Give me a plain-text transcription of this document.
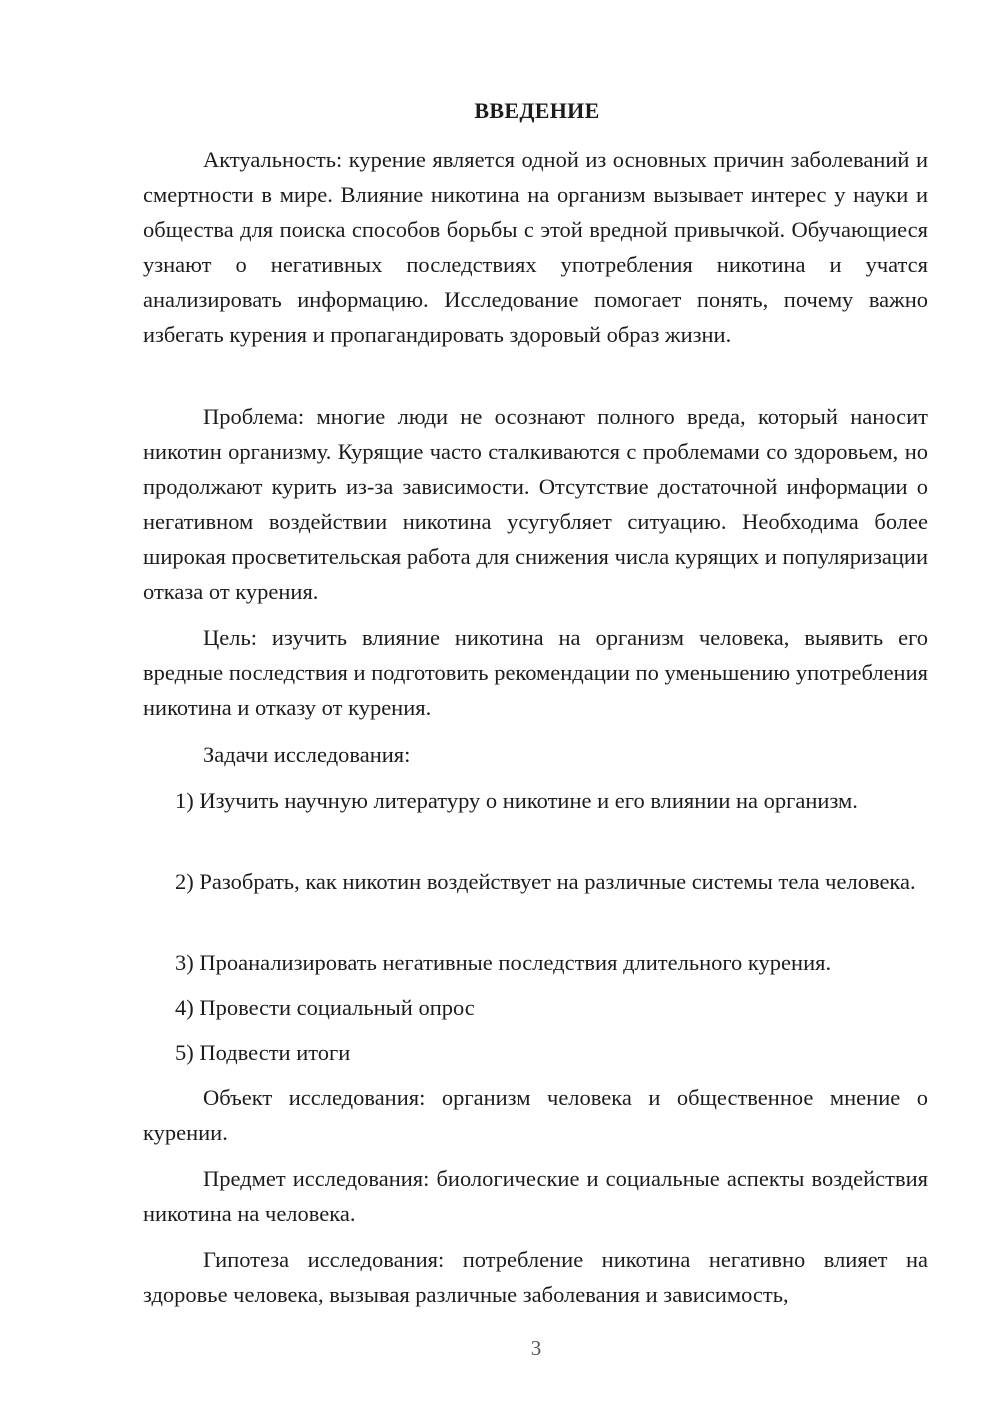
ВВЕДЕНИЕ

Актуальность: курение является одной из основных причин заболеваний и смертности в мире. Влияние никотина на организм вызывает интерес у науки и общества для поиска способов борьбы с этой вредной привычкой. Обучающиеся узнают о негативных последствиях употребления никотина и учатся анализировать информацию. Исследование помогает понять, почему важно избегать курения и пропагандировать здоровый образ жизни.

Проблема: многие люди не осознают полного вреда, который наносит никотин организму. Курящие часто сталкиваются с проблемами со здоровьем, но продолжают курить из-за зависимости. Отсутствие достаточной информации о негативном воздействии никотина усугубляет ситуацию. Необходима более широкая просветительская работа для снижения числа курящих и популяризации отказа от курения.

Цель: изучить влияние никотина на организм человека, выявить его вредные последствия и подготовить рекомендации по уменьшению употребления никотина и отказу от курения.

Задачи исследования:

1) Изучить научную литературу о никотине и его влиянии на организм.

2) Разобрать, как никотин воздействует на различные системы тела человека.

3) Проанализировать негативные последствия длительного курения.

4) Провести социальный опрос

5) Подвести итоги

Объект исследования: организм человека и общественное мнение о курении.

Предмет исследования: биологические и социальные аспекты воздействия никотина на человека.

Гипотеза исследования: потребление никотина негативно влияет на здоровье человека, вызывая различные заболевания и зависимость,

3
